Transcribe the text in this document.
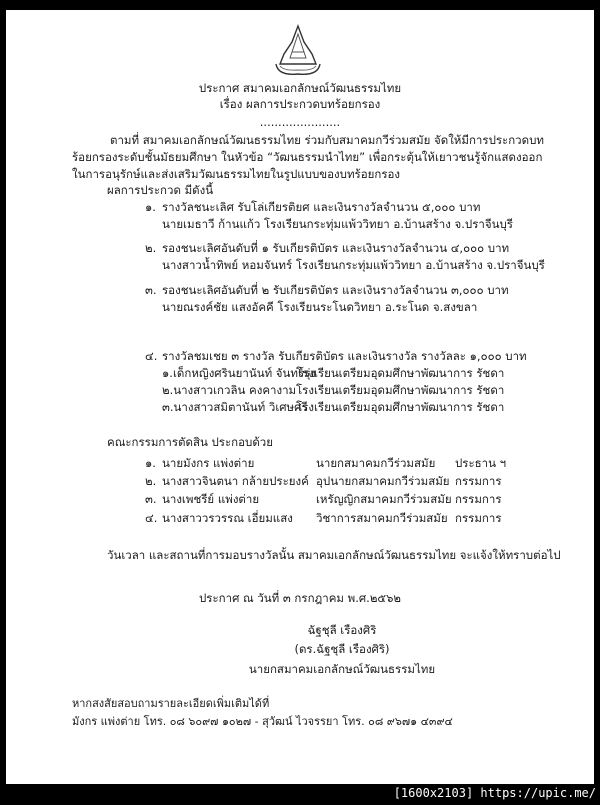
ประกาศ สมาคมเอกลักษณ์วัฒนธรรมไทย
เรื่อง ผลการประกวดบทร้อยกรอง
......................
ตามที่ สมาคมเอกลักษณ์วัฒนธรรมไทย ร่วมกับสมาคมกวีร่วมสมัย จัดให้มีการประกวดบท
ร้อยกรองระดับชั้นมัธยมศึกษา ในหัวข้อ “วัฒนธรรมนำไทย” เพื่อกระตุ้นให้เยาวชนรู้จักแสดงออก
ในการอนุรักษ์และส่งเสริมวัฒนธรรมไทยในรูปแบบของบทร้อยกรอง
ผลการประกวด มีดังนี้
๑. รางวัลชนะเลิศ รับโล่เกียรติยศ และเงินรางวัลจำนวน ๕,๐๐๐ บาท
นายเมธาวี ก้านแก้ว โรงเรียนกระทุ่มแพ้ววิทยา อ.บ้านสร้าง จ.ปราจีนบุรี
๒. รองชนะเลิศอันดับที่ ๑ รับเกียรติบัตร และเงินรางวัลจำนวน ๔,๐๐๐ บาท
นางสาวน้ำทิพย์ หอมจันทร์ โรงเรียนกระทุ่มแพ้ววิทยา อ.บ้านสร้าง จ.ปราจีนบุรี
๓. รองชนะเลิศอันดับที่ ๒ รับเกียรติบัตร และเงินรางวัลจำนวน ๓,๐๐๐ บาท
นายณรงค์ชัย แสงอัคคี โรงเรียนระโนดวิทยา อ.ระโนด จ.สงขลา
๔. รางวัลชมเชย ๓ รางวัล รับเกียรติบัตร และเงินรางวัล รางวัลละ ๑,๐๐๐ บาท
๑.เด็กหญิงศรินยานันท์ จันทร์รุ่ง
โรงเรียนเตรียมอุดมศึกษาพัฒนาการ รัชดา
๒.นางสาวเกวลิน คงคางาม โรงเรียนเตรียมอุดมศึกษาพัฒนาการ รัชดา
๓.นางสาวสมิตานันท์ วิเศษศรี
โรงเรียนเตรียมอุดมศึกษาพัฒนาการ รัชดา
คณะกรรมการตัดสิน ประกอบด้วย
๑. นายมังกร แพ่งต่าย	นายกสมาคมกวีร่วมสมัย ประธาน ฯ
๒. นางสาวจินตนา กล้ายประยงค์ อุปนายกสมาคมกวีร่วมสมัย กรรมการ
๓. นางเพชรีย์ แพ่งต่าย	เหรัญญิกสมาคมกวีร่วมสมัย กรรมการ
๔. นางสาววรวรรณ เอี่ยมแสง วิชาการสมาคมกวีร่วมสมัย กรรมการ
วันเวลา และสถานที่การมอบรางวัลนั้น สมาคมเอกลักษณ์วัฒนธรรมไทย จะแจ้งให้ทราบต่อไป
ประกาศ ณ วันที่ ๓ กรกฎาคม พ.ศ.๒๕๖๒
ฉัฐชุลี เรืองศิริ
(ดร.ฉัฐชุลี เรืองศิริ)
นายกสมาคมเอกลักษณ์วัฒนธรรมไทย
หากสงสัยสอบถามรายละเอียดเพิ่มเติมได้ที่
มังกร แพ่งต่าย โทร. ๐๘ ๖๐๙๗ ๑๐๒๗ - สุวัฒน์ ไวจรรยา โทร. ๐๘ ๙๖๗๑ ๔๓๙๔
[1600x2103] https://upic.me/
